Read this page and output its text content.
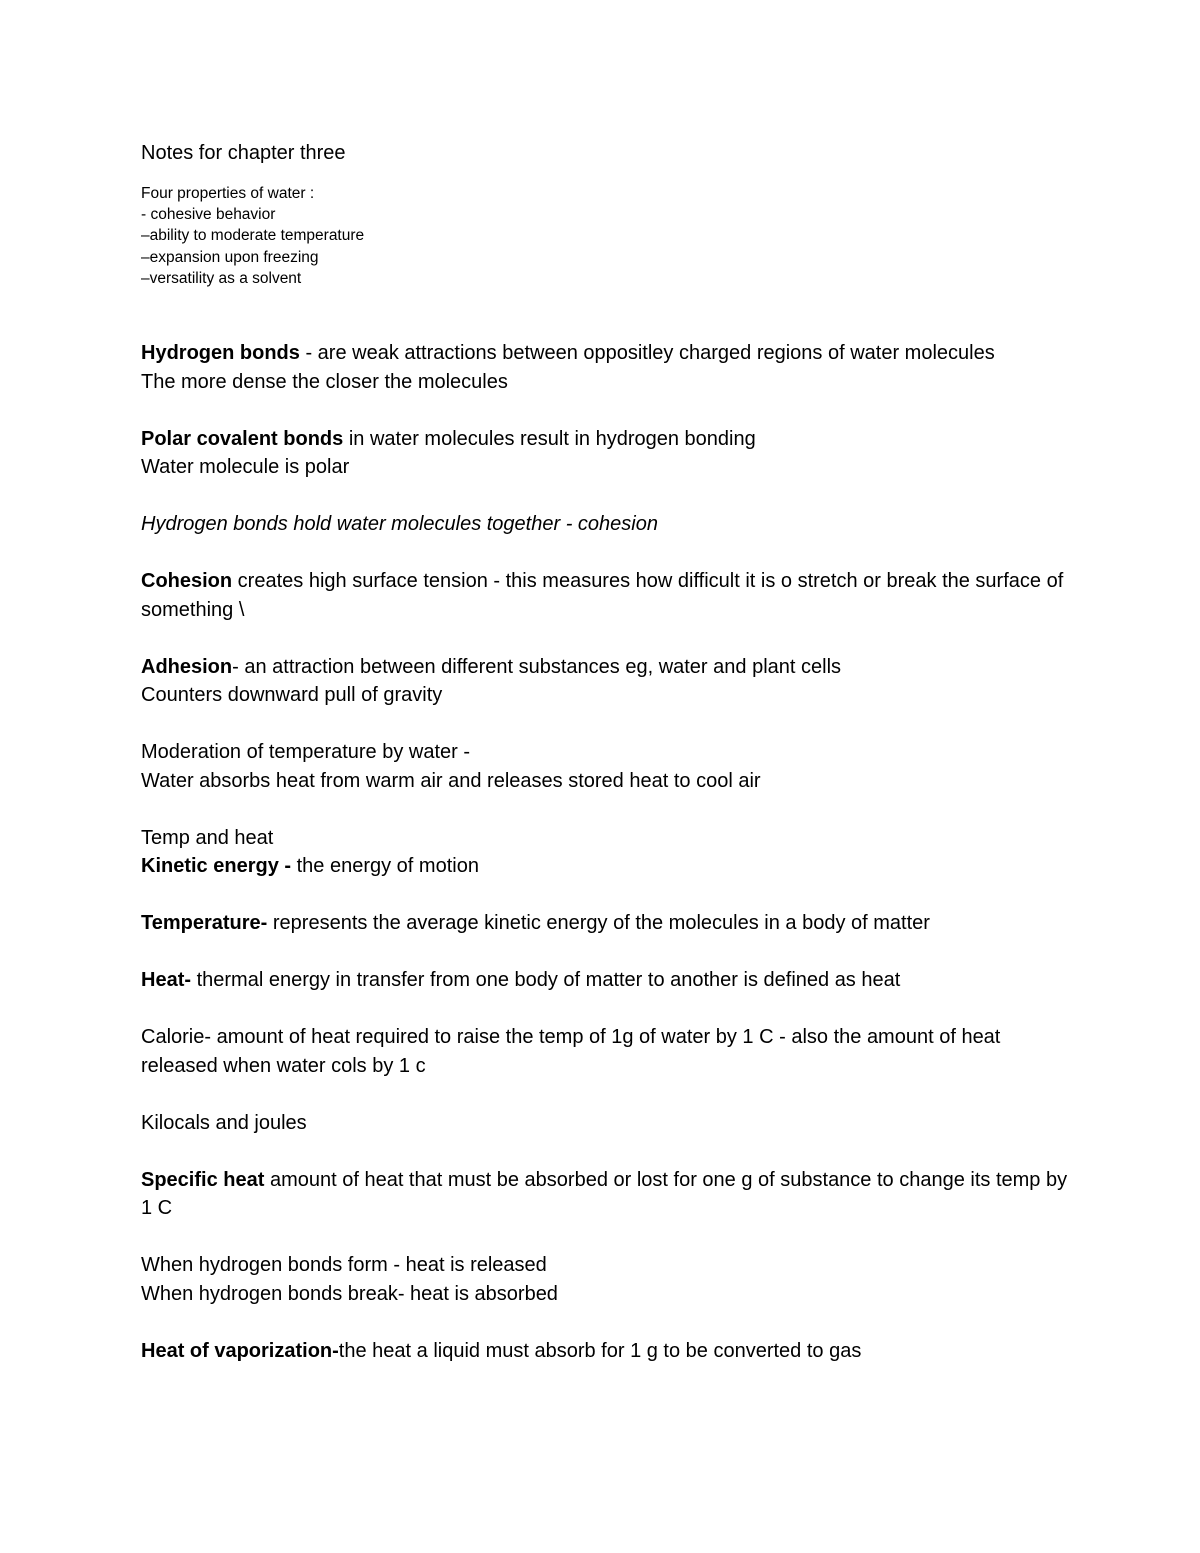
Notes for chapter three
Four properties of water :
- cohesive behavior
–ability to moderate temperature
–expansion upon freezing
–versatility as a solvent
Hydrogen bonds - are weak attractions between oppositley charged regions of water molecules
The more dense the closer the molecules
Polar covalent bonds in water molecules result in hydrogen bonding
Water molecule is polar
Hydrogen bonds hold water molecules together - cohesion
Cohesion creates high surface tension - this measures how difficult it is o stretch or break the surface of something \
Adhesion- an attraction between different substances eg, water and plant cells
Counters downward pull of gravity
Moderation of temperature by water -
Water absorbs heat from warm air and releases stored heat to cool air
Temp and heat
Kinetic energy - the energy of motion
Temperature- represents the average kinetic energy of the molecules in a body of matter
Heat- thermal energy in transfer from one body of matter to another is defined as heat
Calorie- amount of heat required to raise the temp of 1g of water by 1 C - also the amount of heat released when water cols by 1 c
Kilocals and joules
Specific heat amount of heat that must be absorbed or lost for one g of substance to change its temp by 1 C
When hydrogen bonds form - heat is released
When hydrogen bonds break- heat is absorbed
Heat of vaporization-the heat a liquid must absorb for 1 g to be converted to gas
